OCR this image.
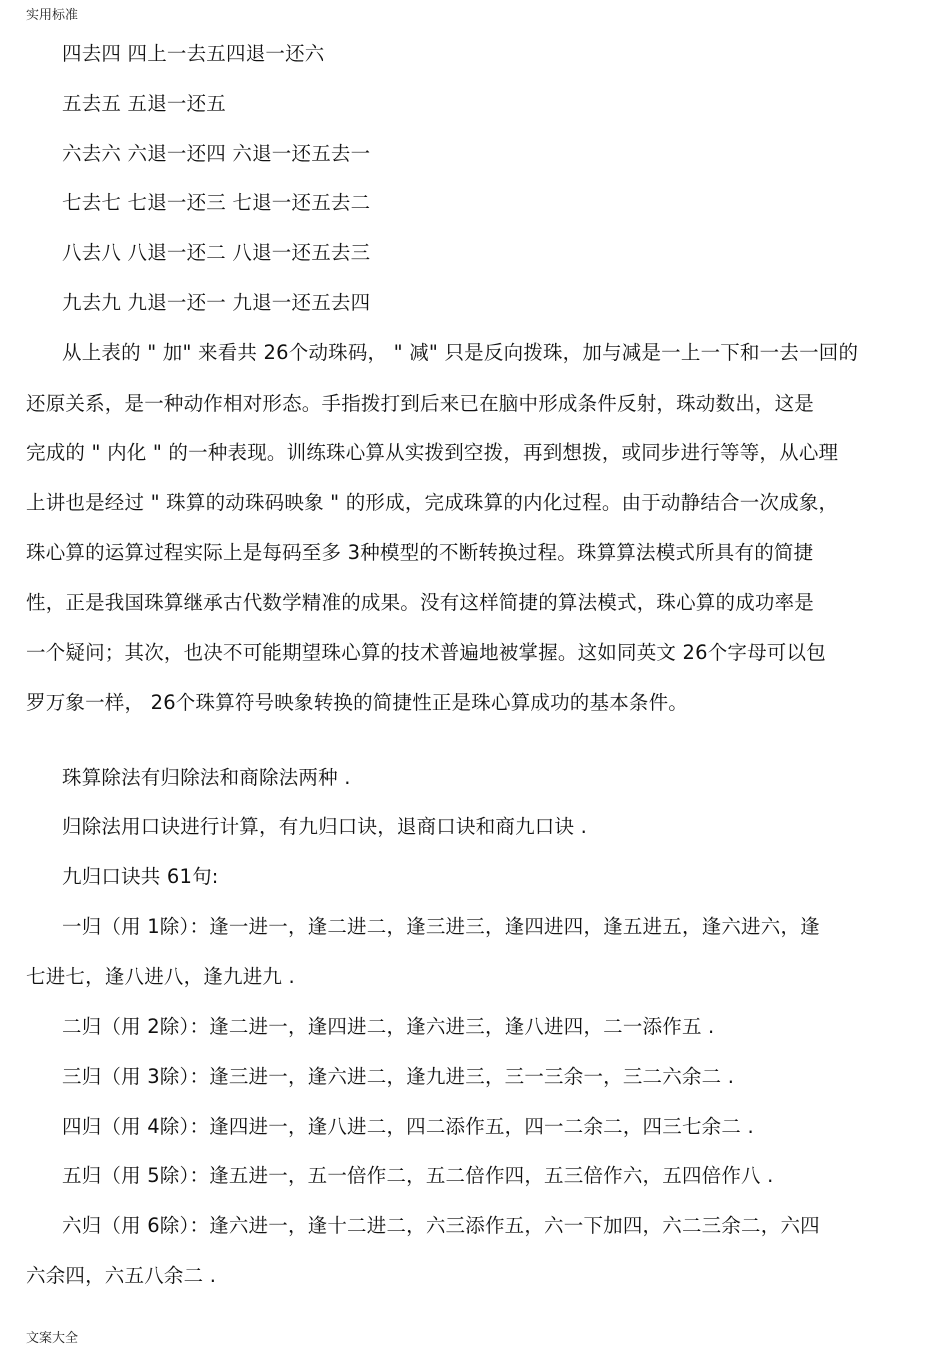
实用标准
四去四 四上一去五四退一还六
五去五 五退一还五
六去六 六退一还四 六退一还五去一
七去七 七退一还三 七退一还五去二
八去八 八退一还二 八退一还五去三
九去九 九退一还一 九退一还五去四
从上表的 " 加" 来看共 26个动珠码， " 减" 只是反向拨珠，加与减是一上一下和一去一回的
还原关系，是一种动作相对形态。手指拨打到后来已在脑中形成条件反射，珠动数出，这是
完成的 " 内化 " 的一种表现。训练珠心算从实拨到空拨，再到想拨，或同步进行等等，从心理
上讲也是经过 " 珠算的动珠码映象 " 的形成，完成珠算的内化过程。由于动静结合一次成象，
珠心算的运算过程实际上是每码至多 3种模型的不断转换过程。珠算算法模式所具有的简捷
性，正是我国珠算继承古代数学精准的成果。没有这样简捷的算法模式，珠心算的成功率是
一个疑问；其次，也决不可能期望珠心算的技术普遍地被掌握。这如同英文 26个字母可以包
罗万象一样， 26个珠算符号映象转换的简捷性正是珠心算成功的基本条件。
珠算除法有归除法和商除法两种 .
归除法用口诀进行计算，有九归口诀，退商口诀和商九口诀 .
九归口诀共 61句:
一归（用 1除）：逢一进一，逢二进二，逢三进三，逢四进四，逢五进五，逢六进六，逢
七进七，逢八进八，逢九进九 .
二归（用 2除）：逢二进一，逢四进二，逢六进三，逢八进四，二一添作五 .
三归（用 3除）：逢三进一，逢六进二，逢九进三，三一三余一，三二六余二 .
四归（用 4除）：逢四进一，逢八进二，四二添作五，四一二余二，四三七余二 .
五归（用 5除）：逢五进一，五一倍作二，五二倍作四，五三倍作六，五四倍作八 .
六归（用 6除）：逢六进一，逢十二进二，六三添作五，六一下加四，六二三余二，六四
六余四，六五八余二 .
文案大全
